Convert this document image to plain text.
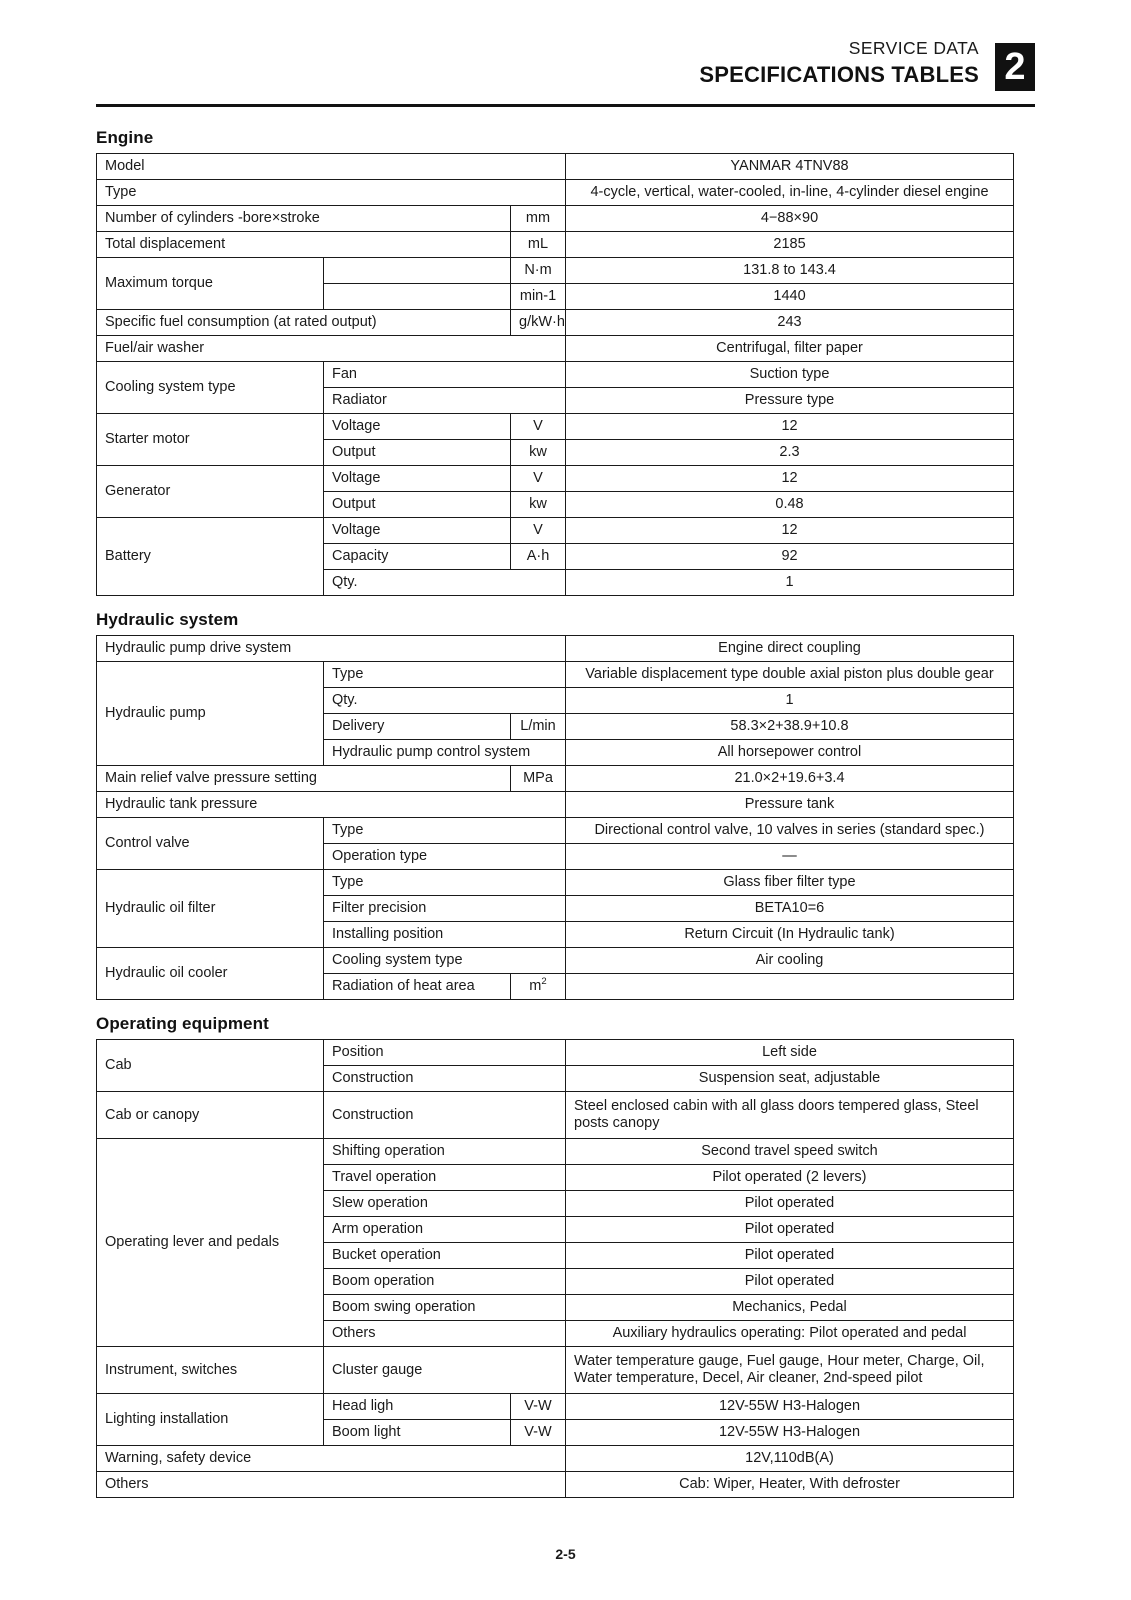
SERVICE DATA
SPECIFICATIONS TABLES 2
Engine
Model			YANMAR 4TNV88
Type			4-cycle, vertical, water-cooled, in-line, 4-cylinder diesel engine
Number of cylinders -bore×stroke		mm	4−88×90
Total displacement		mL	2185
Maximum torque		N·m	131.8 to 143.4
		min-1	1440
Specific fuel consumption (at rated output)		g/kW·h	243
Fuel/air washer			Centrifugal, filter paper
Cooling system type	Fan		Suction type
	Radiator		Pressure type
Starter motor	Voltage	V	12
	Output	kw	2.3
Generator	Voltage	V	12
	Output	kw	0.48
Battery	Voltage	V	12
	Capacity	A·h	92
	Qty.		1
Hydraulic system
Hydraulic pump drive system			Engine direct coupling
Hydraulic pump	Type		Variable displacement type double axial piston plus double gear
	Qty.		1
	Delivery	L/min	58.3×2+38.9+10.8
	Hydraulic pump control system		All horsepower control
Main relief valve pressure setting		MPa	21.0×2+19.6+3.4
Hydraulic tank pressure			Pressure tank
Control valve	Type		Directional control valve, 10 valves in series (standard spec.)
	Operation type		—
Hydraulic oil filter	Type		Glass fiber filter type
	Filter precision		BETA10=6
	Installing position		Return Circuit (In Hydraulic tank)
Hydraulic oil cooler	Cooling system type		Air cooling
	Radiation of heat area	$m^2$	
Operating equipment
Cab	Position		Left side
	Construction		Suspension seat, adjustable
Cab or canopy	Construction		Steel enclosed cabin with all glass doors tempered glass, Steel posts canopy
Operating lever and pedals	Shifting operation		Second travel speed switch
	Travel operation		Pilot operated (2 levers)
	Slew operation		Pilot operated
	Arm operation		Pilot operated
	Bucket operation		Pilot operated
	Boom operation		Pilot operated
	Boom swing operation		Mechanics, Pedal
	Others		Auxiliary hydraulics operating: Pilot operated and pedal
Instrument, switches	Cluster gauge		Water temperature gauge, Fuel gauge, Hour meter, Charge, Oil, Water temperature, Decel, Air cleaner, 2nd-speed pilot
Lighting installation	Head ligh	V-W	12V-55W H3-Halogen
	Boom light	V-W	12V-55W H3-Halogen
Warning, safety device			12V,110dB(A)
Others			Cab: Wiper, Heater, With defroster
2-5
